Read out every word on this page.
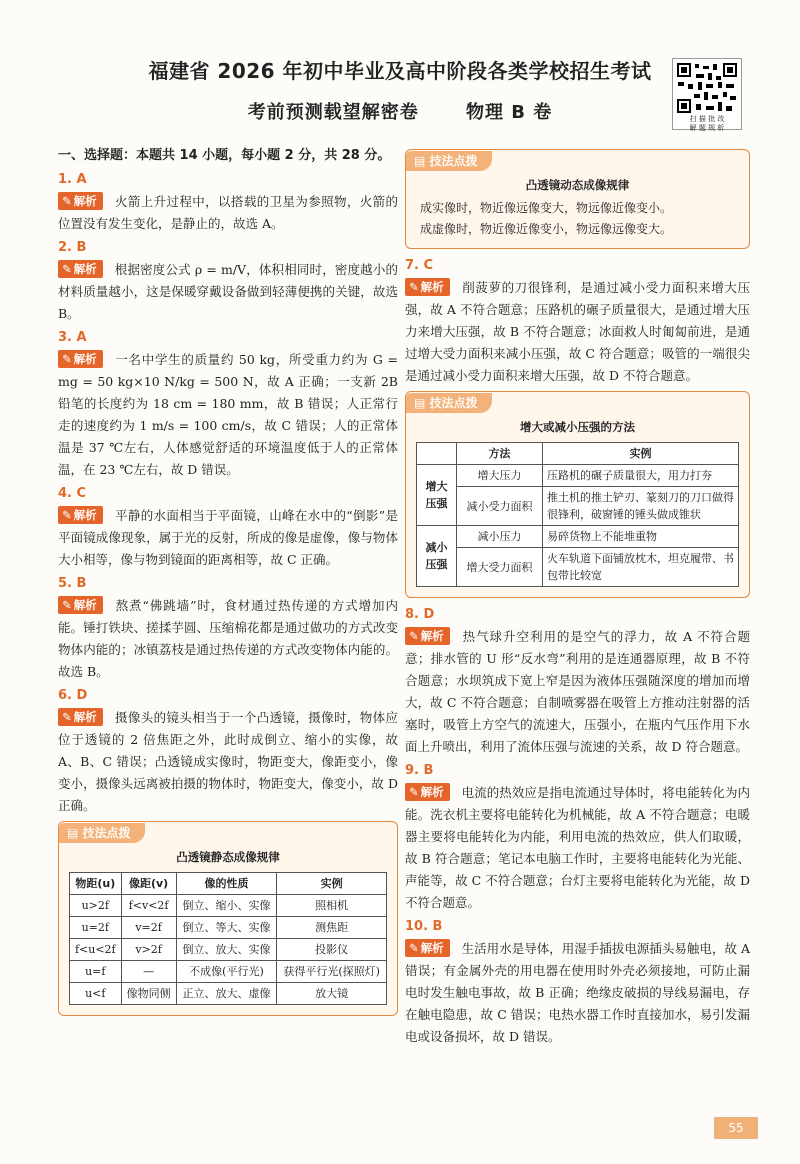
福建省 2026 年初中毕业及高中阶段各类学校招生考试
考前预测载望解密卷	物理 B 卷	扫 描 批 改
解 题 规 析
一、选择题：本题共 14 小题，每小题 2 分，共 28 分。
1. A
✎ 解析 火箭上升过程中，以搭载的卫星为参照物，火箭的位置没有发生变化，是静止的，故选 A。
2. B
✎ 解析 根据密度公式 ρ = m/V，体积相同时，密度越小的材料质量越小，这是保暖穿戴设备做到轻薄便携的关键，故选 B。
3. A
✎ 解析 一名中学生的质量约 50 kg，所受重力约为 G = mg = 50 kg×10 N/kg = 500 N，故 A 正确；一支新 2B 铅笔的长度约为 18 cm = 180 mm，故 B 错误；人正常行走的速度约为 1 m/s = 100 cm/s，故 C 错误；人的正常体温是 37 ℃左右，人体感觉舒适的环境温度低于人的正常体温，在 23 ℃左右，故 D 错误。
4. C
✎ 解析 平静的水面相当于平面镜，山峰在水中的“倒影”是平面镜成像现象，属于光的反射，所成的像是虚像，像与物体大小相等，像与物到镜面的距离相等，故 C 正确。
5. B
✎ 解析 熬煮“佛跳墙”时，食材通过热传递的方式增加内能。锤打铁块、搓揉芋圆、压缩棉花都是通过做功的方式改变物体内能的；冰镇荔枝是通过热传递的方式改变物体内能的。故选 B。
6. D
✎ 解析 摄像头的镜头相当于一个凸透镜，摄像时，物体应位于透镜的 2 倍焦距之外，此时成倒立、缩小的实像，故 A、B、C 错误；凸透镜成实像时，物距变大，像距变小，像变小，摄像头远离被拍摄的物体时，物距变大，像变小，故 D 正确。
▤ 技法点拨
凸透镜静态成像规律
物距(u)	像距(v)	像的性质	实例
u>2f	f<v<2f	倒立、缩小、实像	照相机
u=2f	v=2f	倒立、等大、实像	测焦距
f<u<2f	v>2f	倒立、放大、实像	投影仪
u=f	—	不成像(平行光)	获得平行光(探照灯)
u<f	像物同侧	正立、放大、虚像	放大镜
▤ 技法点拨
凸透镜动态成像规律
成实像时，物近像远像变大，物远像近像变小。
成虚像时，物近像近像变小，物远像远像变大。
7. C
✎ 解析 削菠萝的刀很锋利，是通过减小受力面积来增大压强，故 A 不符合题意；压路机的碾子质量很大，是通过增大压力来增大压强，故 B 不符合题意；冰面救人时匍匐前进，是通过增大受力面积来减小压强，故 C 符合题意；吸管的一端很尖是通过减小受力面积来增大压强，故 D 不符合题意。
▤ 技法点拨
增大或减小压强的方法
	方法	实例
增大压强	增大压力	压路机的碾子质量很大，用力打夯
	减小受力面积	推土机的推土铲刃、篆刻刀的刀口做得很锋利，破窗锤的锤头做成锥状
减小压强	减小压力	易碎货物上不能堆重物
	增大受力面积	火车轨道下面铺放枕木，坦克履带、书包带比较宽
8. D
✎ 解析 热气球升空利用的是空气的浮力，故 A 不符合题意；排水管的 U 形“反水弯”利用的是连通器原理，故 B 不符合题意；水坝筑成下宽上窄是因为液体压强随深度的增加而增大，故 C 不符合题意；自制喷雾器在吸管上方推动注射器的活塞时，吸管上方空气的流速大，压强小，在瓶内气压作用下水面上升喷出，利用了流体压强与流速的关系，故 D 符合题意。
9. B
✎ 解析 电流的热效应是指电流通过导体时，将电能转化为内能。洗衣机主要将电能转化为机械能，故 A 不符合题意；电暖器主要将电能转化为内能，利用电流的热效应，供人们取暖，故 B 符合题意；笔记本电脑工作时，主要将电能转化为光能、声能等，故 C 不符合题意；台灯主要将电能转化为光能，故 D 不符合题意。
10. B
✎ 解析 生活用水是导体，用湿手插拔电源插头易触电，故 A 错误；有金属外壳的用电器在使用时外壳必须接地，可防止漏电时发生触电事故，故 B 正确；绝缘皮破损的导线易漏电，存在触电隐患，故 C 错误；电热水器工作时直接加水，易引发漏电或设备损坏，故 D 错误。
55
